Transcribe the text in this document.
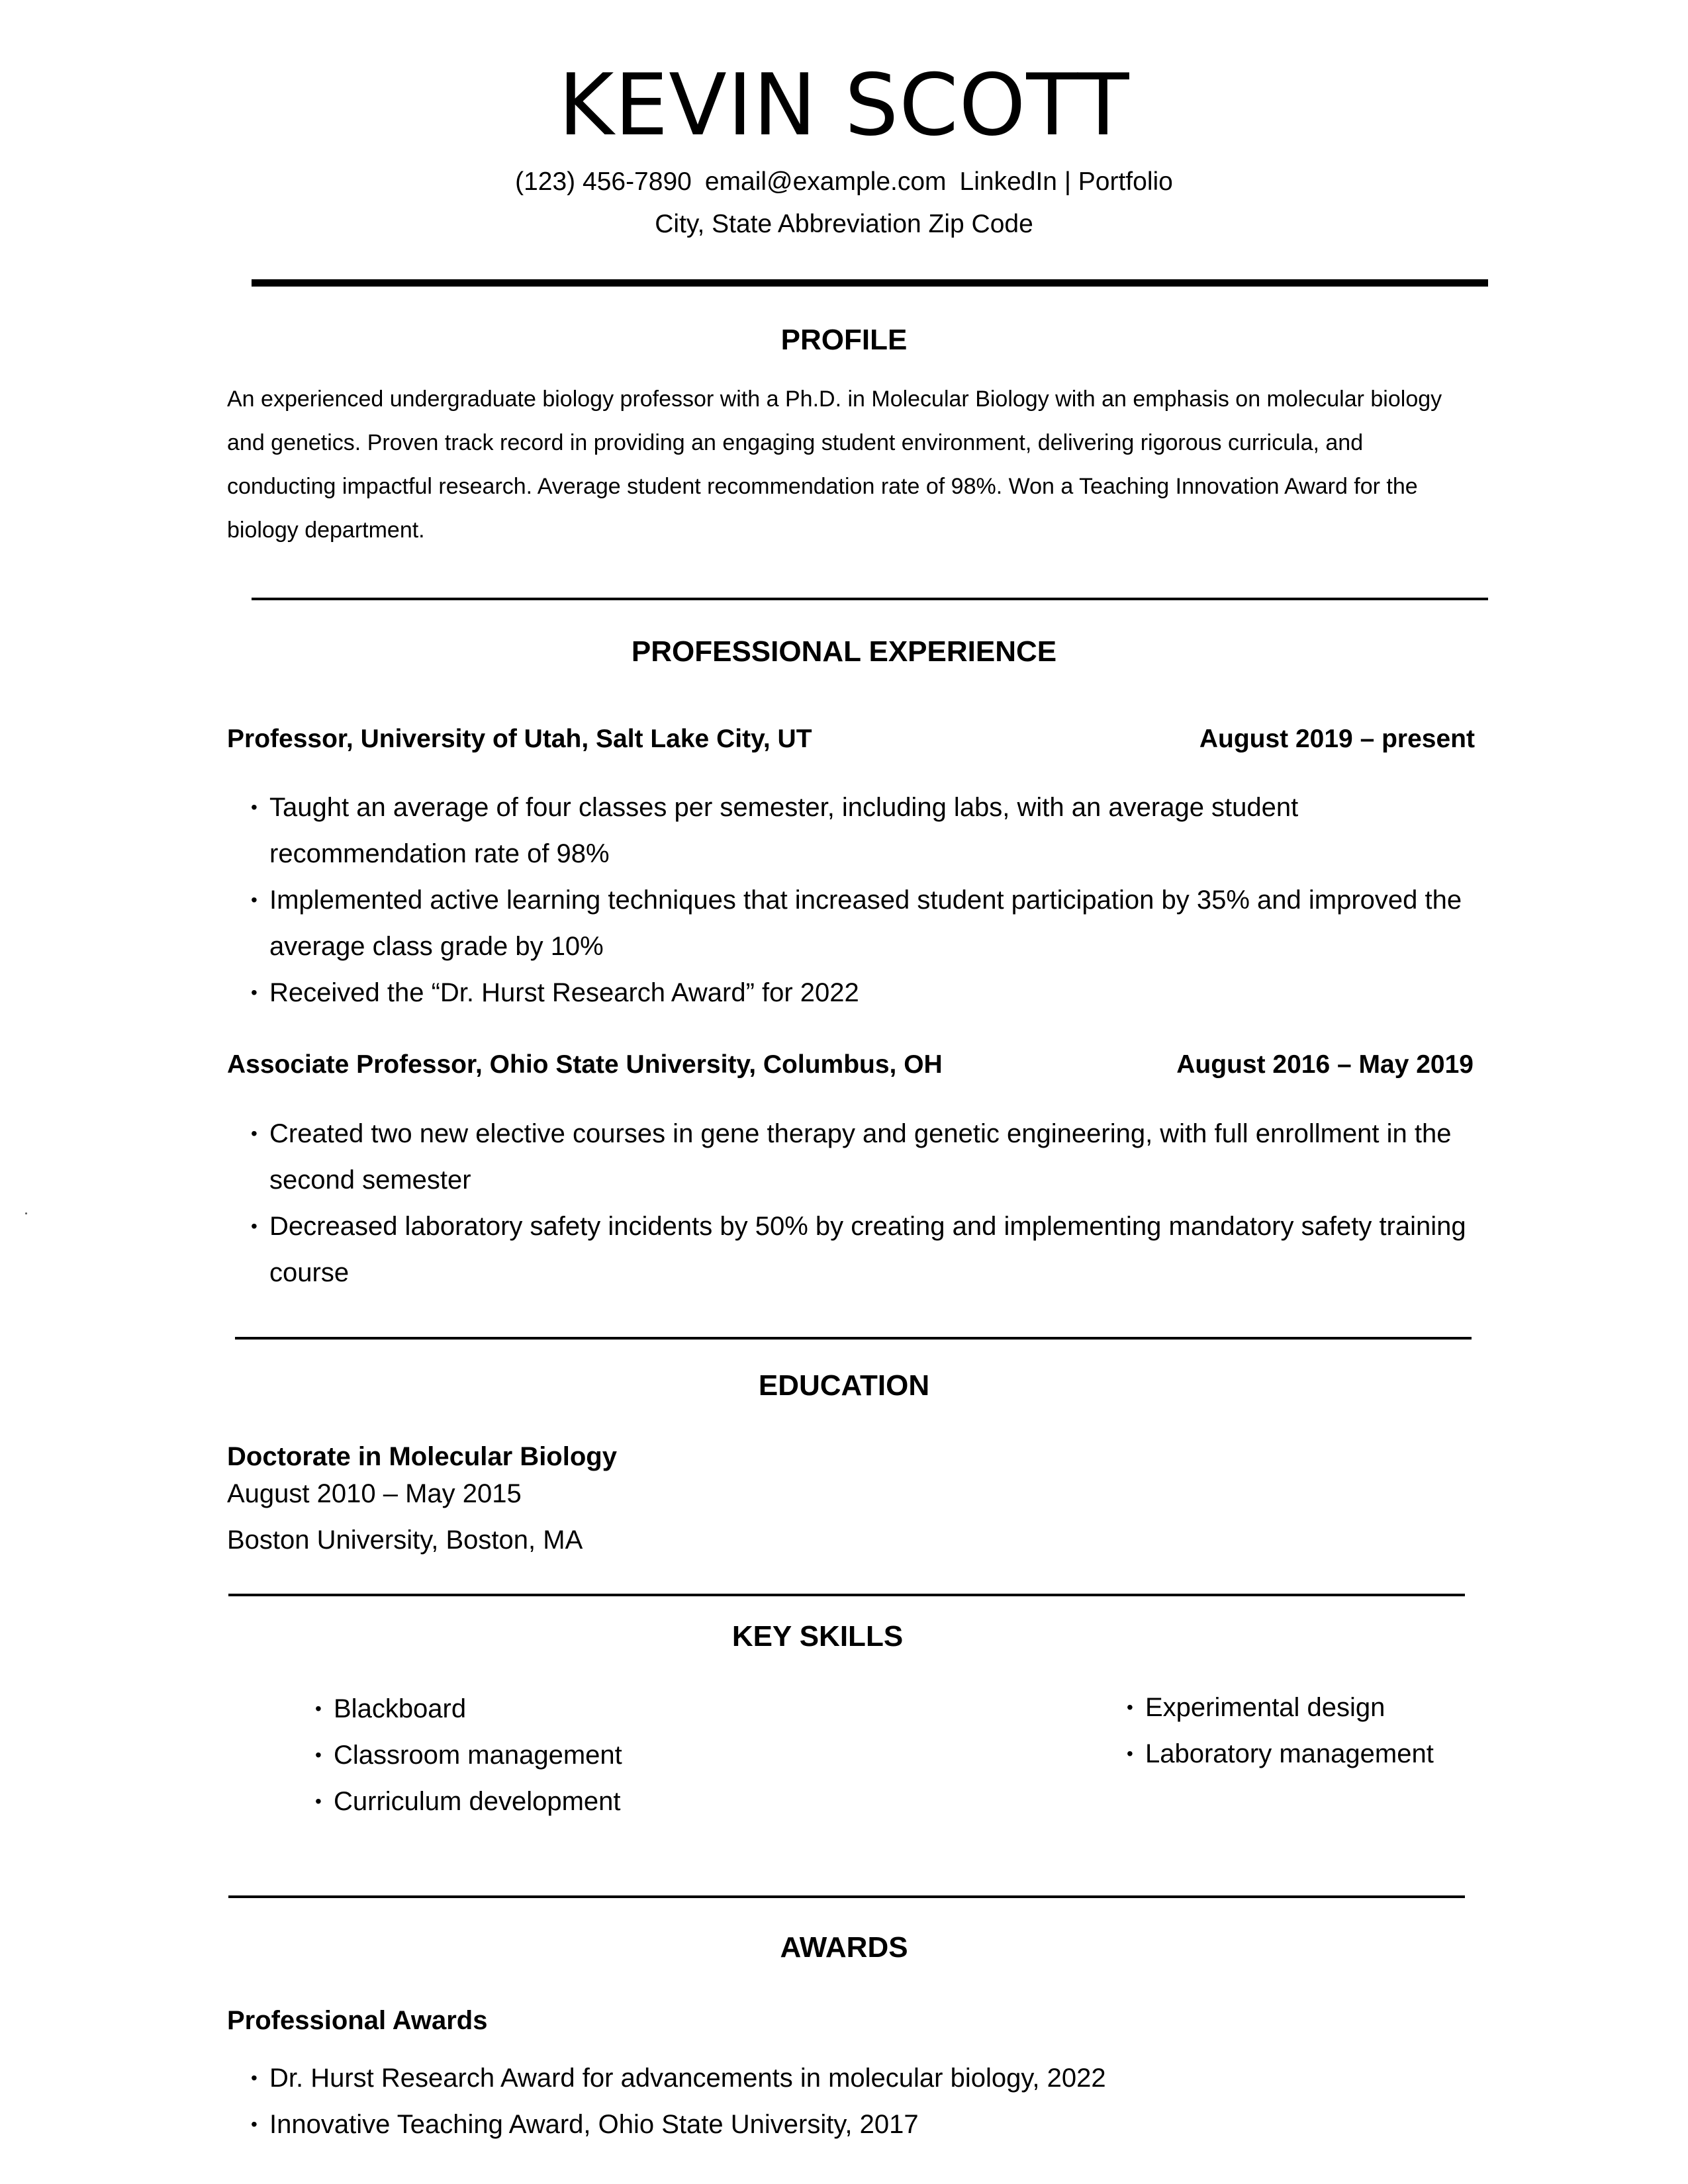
KEVIN SCOTT
(123) 456-7890 email@example.com LinkedIn | Portfolio
City, State Abbreviation Zip Code
PROFILE

An experienced undergraduate biology professor with a Ph.D. in Molecular Biology with an emphasis on molecular biology and genetics. Proven track record in providing an engaging student environment, delivering rigorous curricula, and conducting impactful research. Average student recommendation rate of 98%. Won a Teaching Innovation Award for the biology department.

PROFESSIONAL EXPERIENCE
Professor, University of Utah, Salt Lake City, UT	August 2019 – present
• Taught an average of four classes per semester, including labs, with an average student recommendation rate of 98%
• Implemented active learning techniques that increased student participation by 35% and improved the average class grade by 10%
• Received the “Dr. Hurst Research Award” for 2022
Associate Professor, Ohio State University, Columbus, OH	August 2016 – May 2019
• Created two new elective courses in gene therapy and genetic engineering, with full enrollment in the second semester
• Decreased laboratory safety incidents by 50% by creating and implementing mandatory safety training course
EDUCATION
Doctorate in Molecular Biology
August 2010 – May 2015
Boston University, Boston, MA
KEY SKILLS
• Blackboard
• Classroom management
• Curriculum development
• Experimental design
• Laboratory management
AWARDS
Professional Awards
• Dr. Hurst Research Award for advancements in molecular biology, 2022
• Innovative Teaching Award, Ohio State University, 2017
